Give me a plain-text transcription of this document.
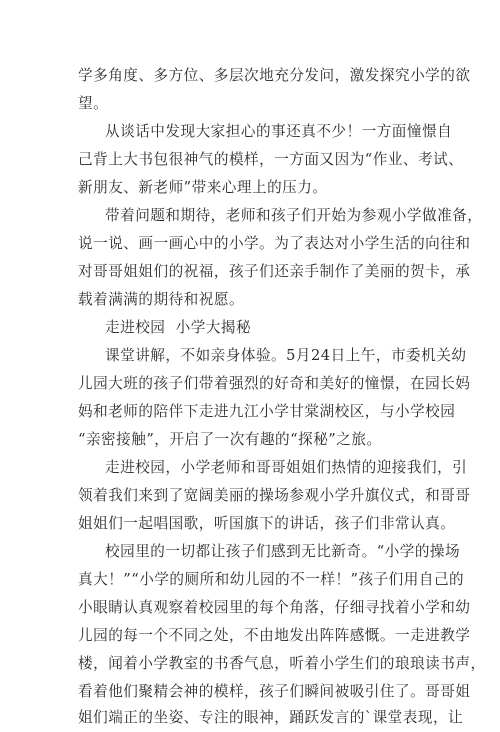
学多角度、多方位、多层次地充分发问，激发探究小学的欲
望。
从谈话中发现大家担心的事还真不少！一方面憧憬自
己背上大书包很神气的模样，一方面又因为“作业、考试、
新朋友、新老师”带来心理上的压力。
带着问题和期待，老师和孩子们开始为参观小学做准备，
说一说、画一画心中的小学。为了表达对小学生活的向往和
对哥哥姐姐们的祝福，孩子们还亲手制作了美丽的贺卡，承
载着满满的期待和祝愿。
走进校园  小学大揭秘
课堂讲解，不如亲身体验。5月24日上午，市委机关幼
儿园大班的孩子们带着强烈的好奇和美好的憧憬，在园长妈
妈和老师的陪伴下走进九江小学甘棠湖校区，与小学校园
“亲密接触”，开启了一次有趣的“探秘”之旅。
走进校园，小学老师和哥哥姐姐们热情的迎接我们，引
领着我们来到了宽阔美丽的操场参观小学升旗仪式，和哥哥
姐姐们一起唱国歌，听国旗下的讲话，孩子们非常认真。
校园里的一切都让孩子们感到无比新奇。“小学的操场
真大！”“小学的厕所和幼儿园的不一样！”孩子们用自己的
小眼睛认真观察着校园里的每个角落，仔细寻找着小学和幼
儿园的每一个不同之处，不由地发出阵阵感慨。一走进教学
楼，闻着小学教室的书香气息，听着小学生们的琅琅读书声，
看着他们聚精会神的模样，孩子们瞬间被吸引住了。哥哥姐
姐们端正的坐姿、专注的眼神，踊跃发言的`课堂表现，让
